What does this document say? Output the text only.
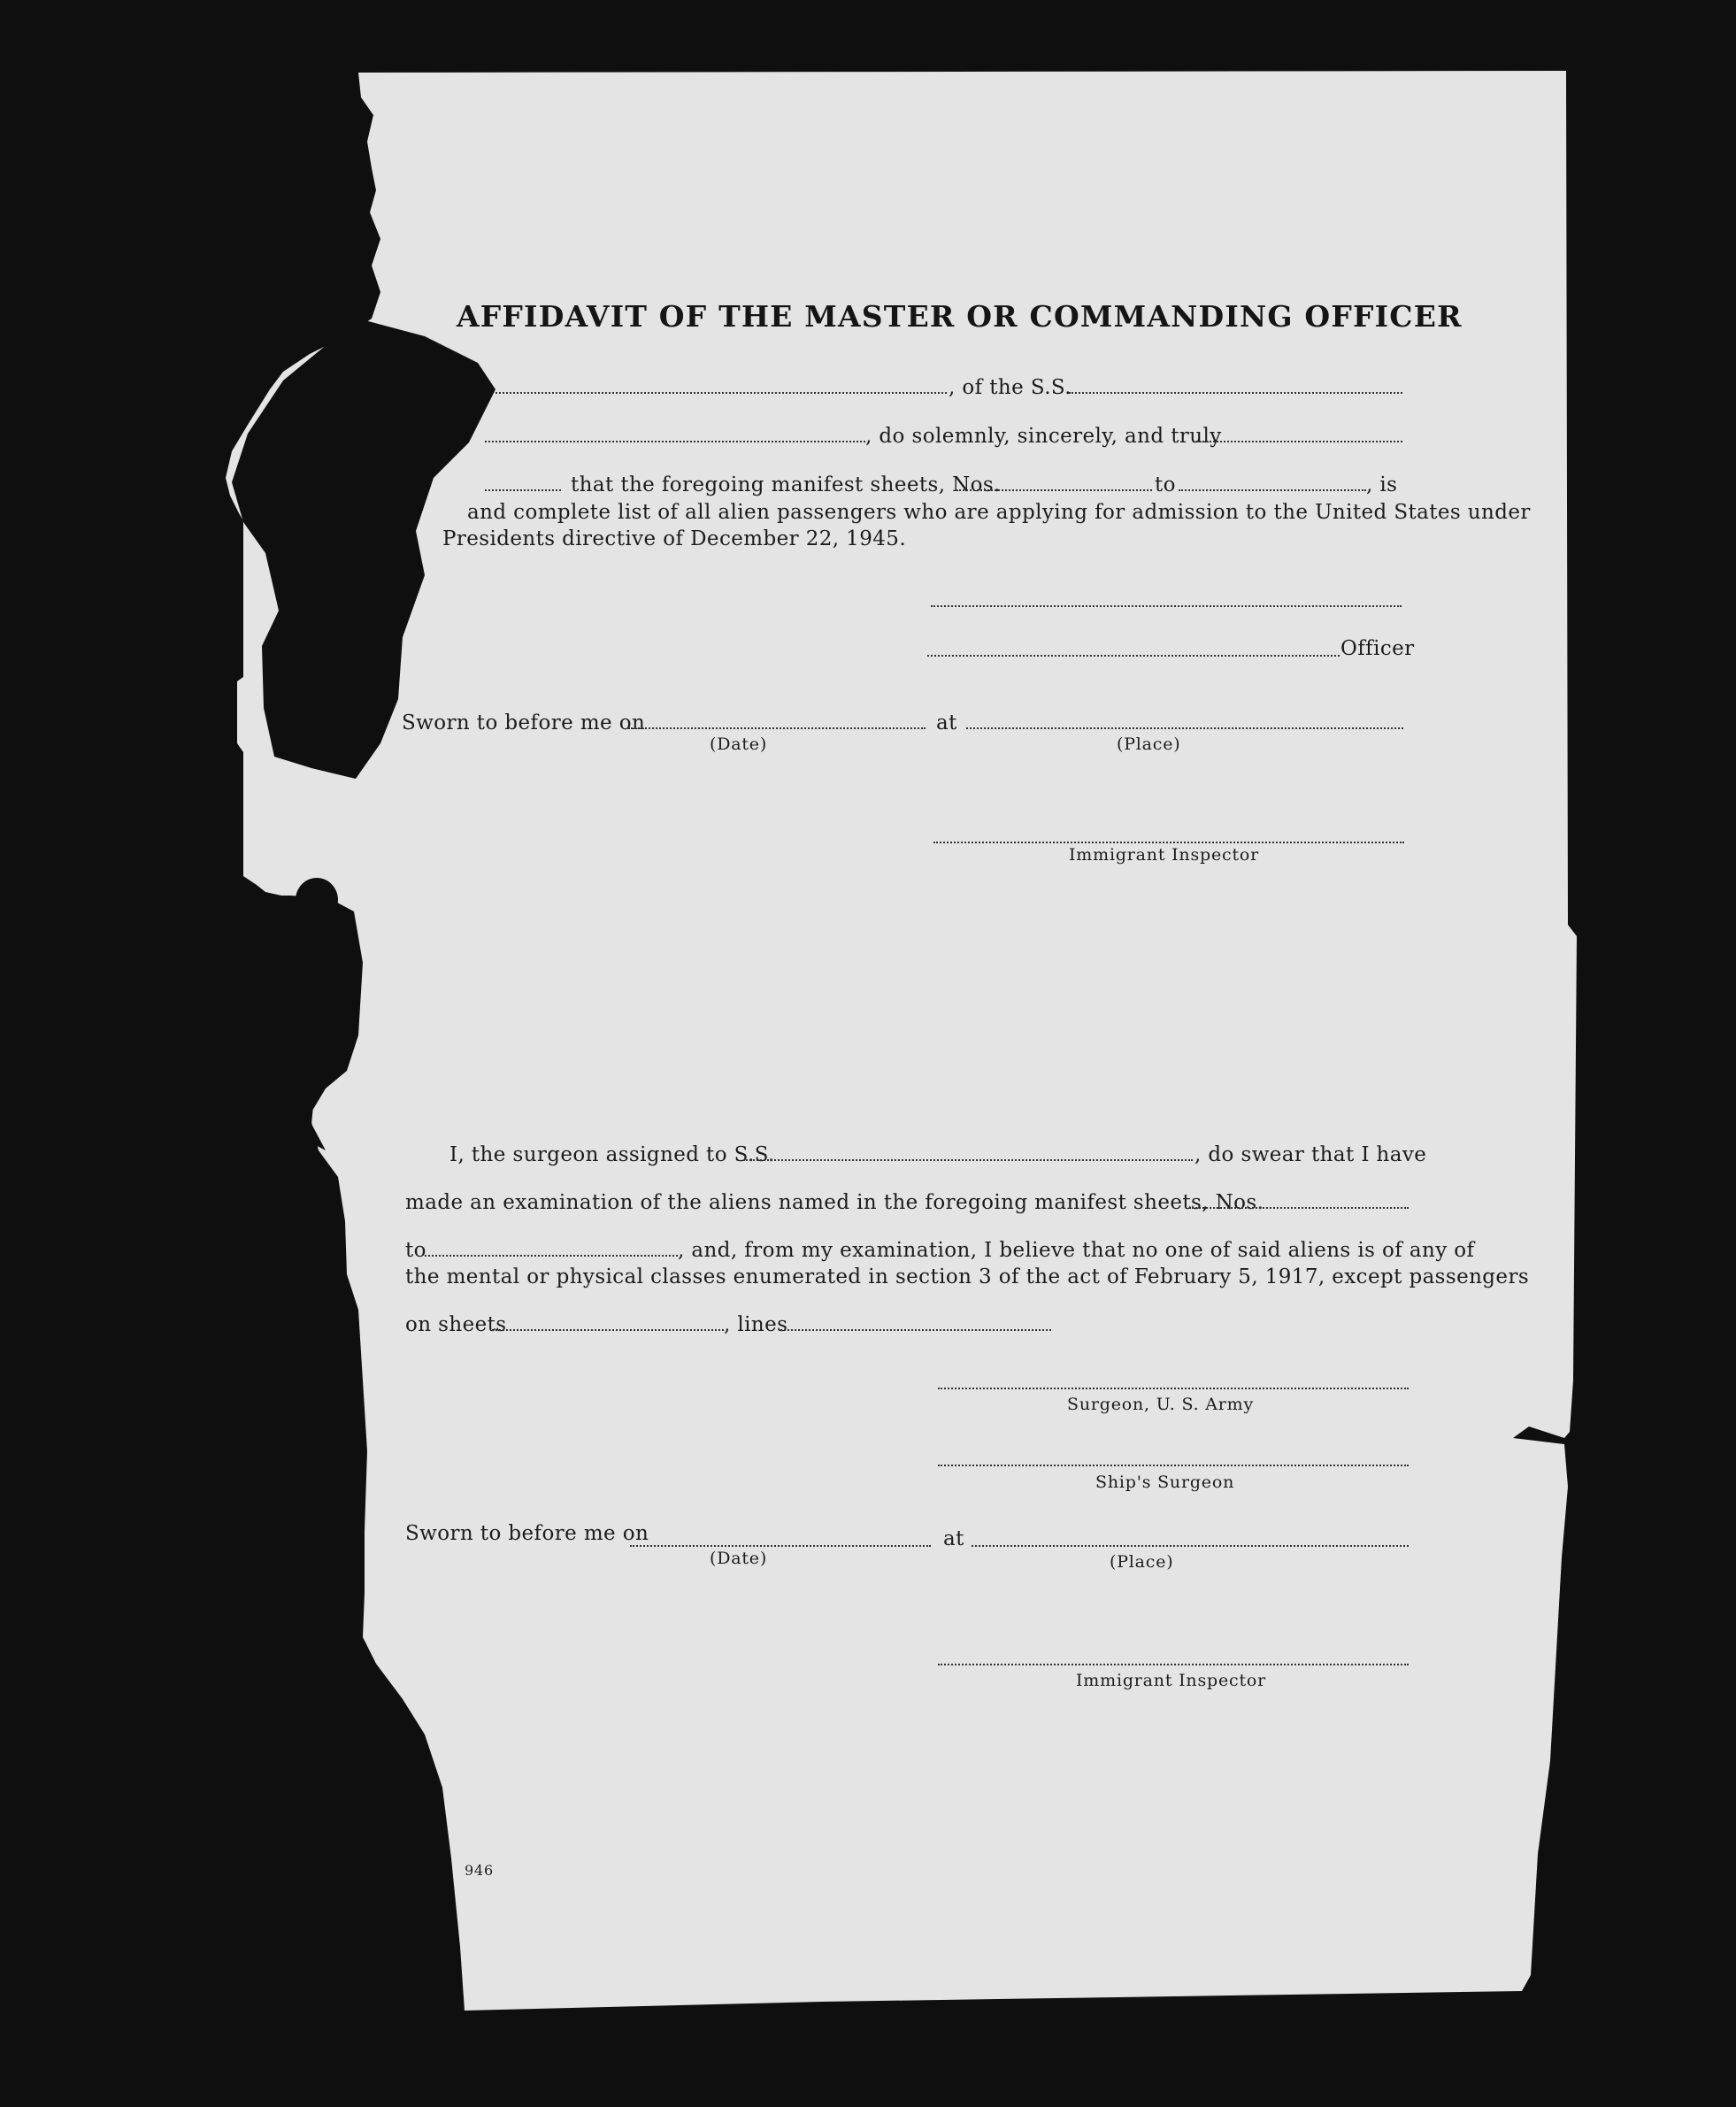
AFFIDAVIT OF THE MASTER OR COMMANDING OFFICER
, of the S.S.
, do solemnly, sincerely, and truly
that the foregoing manifest sheets, Nos.	to	, is
and complete list of all alien passengers who are applying for admission to the United States under
Presidents directive of December 22, 1945.
Officer
Sworn to before me on	at
(Date)	(Place)
Immigrant Inspector
I, the surgeon assigned to S.S.	, do swear that I have
made an examination of the aliens named in the foregoing manifest sheets, Nos.
to	, and, from my examination, I believe that no one of said aliens is of any of
the mental or physical classes enumerated in section 3 of the act of February 5, 1917, except passengers
on sheets	, lines
Surgeon, U. S. Army
Ship's Surgeon
Sworn to before me on	at
(Date)	(Place)
Immigrant Inspector
946
